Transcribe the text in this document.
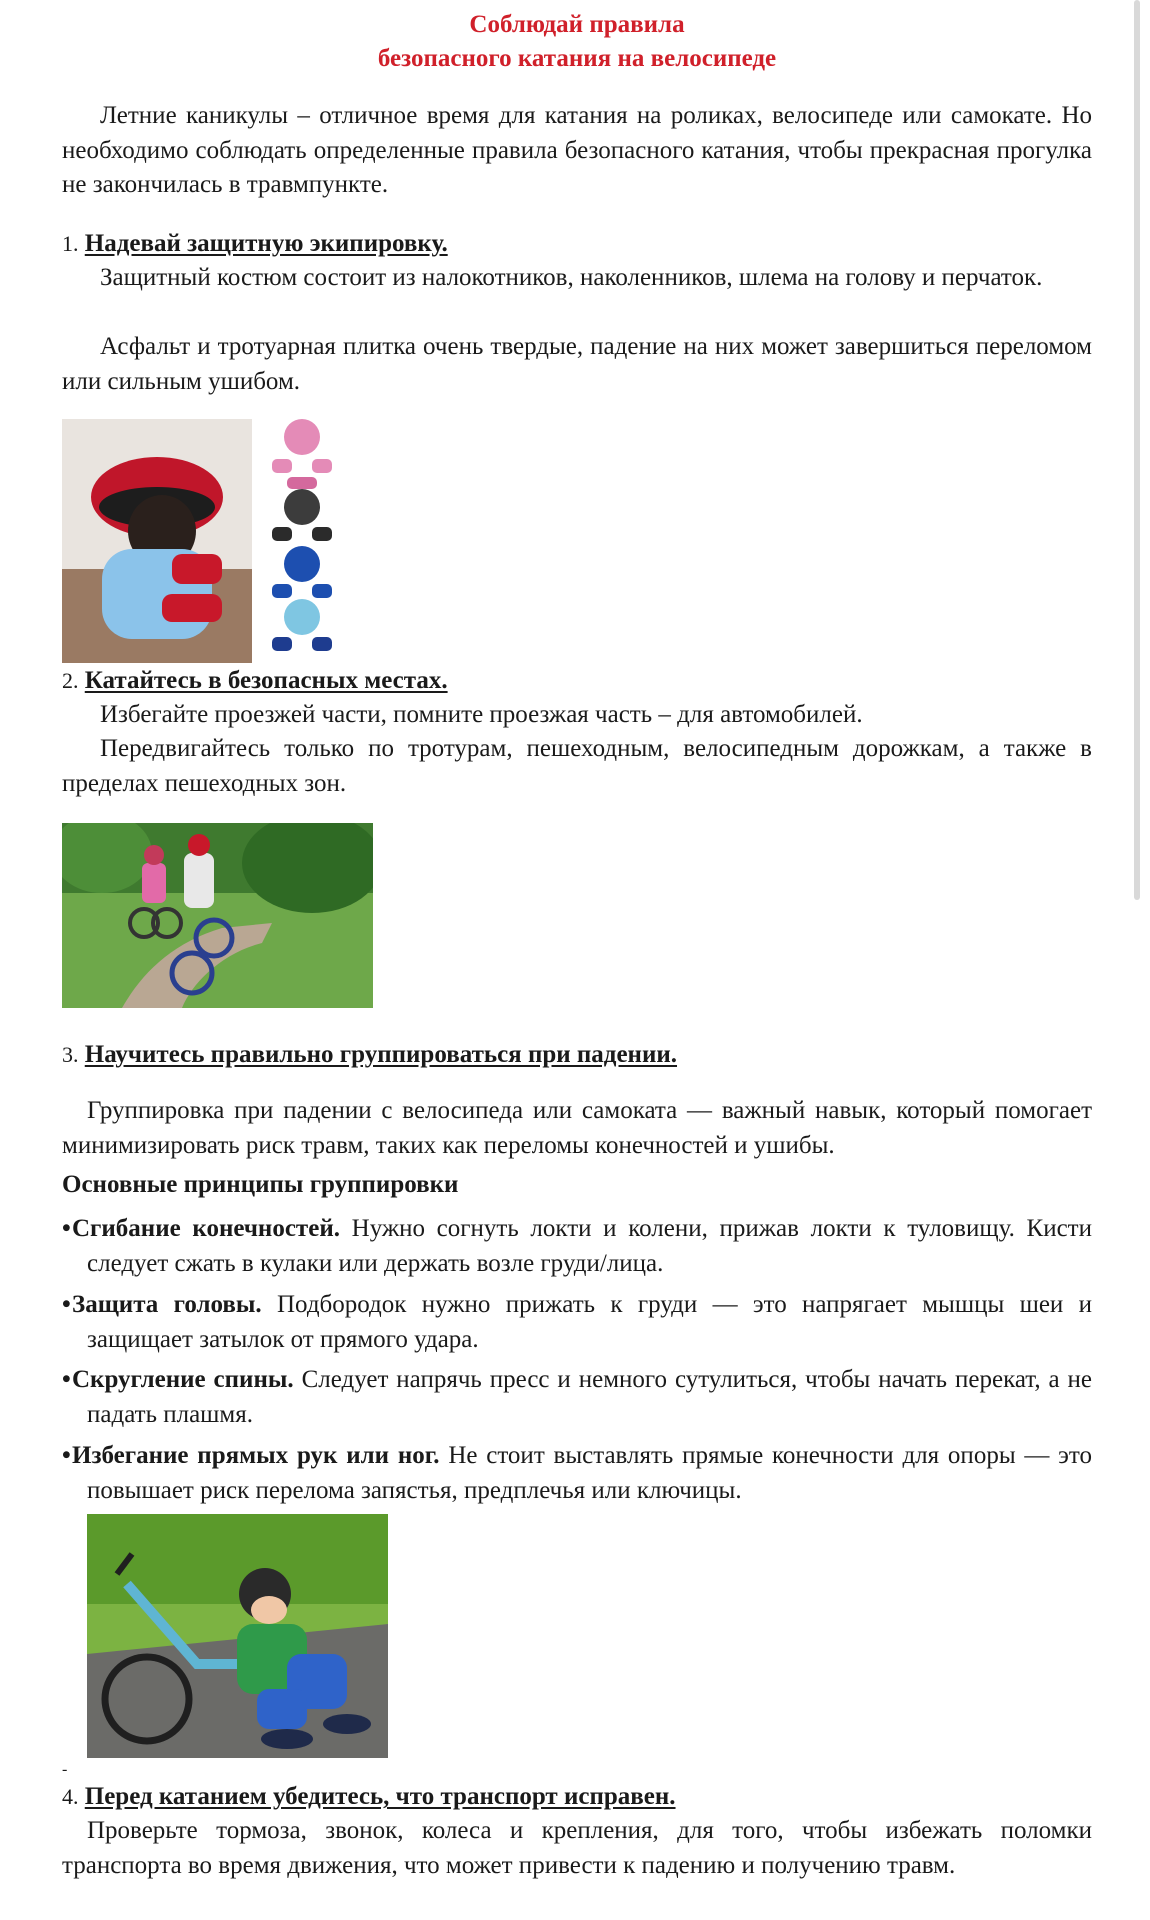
Соблюдай правила
безопасного катания на велосипеде

Летние каникулы – отличное время для катания на роликах, велосипеде или самокате. Но необходимо соблюдать определенные правила безопасного катания, чтобы прекрасная прогулка не закончилась в травмпункте.

1. Надевай защитную экипировку.

Защитный костюм состоит из налокотников, наколенников, шлема на голову и перчаток.

Асфальт и тротуарная плитка очень твердые, падение на них может завершиться переломом или сильным ушибом.

2. Катайтесь в безопасных местах.

Избегайте проезжей части, помните проезжая часть – для автомобилей.

Передвигайтесь только по тротурам, пешеходным, велосипедным дорожкам, а также в пределах пешеходных зон.

3. Научитесь правильно группироваться при падении.

Группировка при падении с велосипеда или самоката — важный навык, который помогает минимизировать риск травм, таких как переломы конечностей и ушибы.

Основные принципы группировки

•Сгибание конечностей. Нужно согнуть локти и колени, прижав локти к туловищу. Кисти следует сжать в кулаки или держать возле груди/лица.

•Защита головы. Подбородок нужно прижать к груди — это напрягает мышцы шеи и защищает затылок от прямого удара.

•Скругление спины. Следует напрячь пресс и немного сутулиться, чтобы начать перекат, а не падать плашмя.

•Избегание прямых рук или ног. Не стоит выставлять прямые конечности для опоры — это повышает риск перелома запястья, предплечья или ключицы.

-
4. Перед катанием убедитесь, что транспорт исправен.

Проверьте тормоза, звонок, колеса и крепления, для того, чтобы избежать поломки транспорта во время движения, что может привести к падению и получению травм.
